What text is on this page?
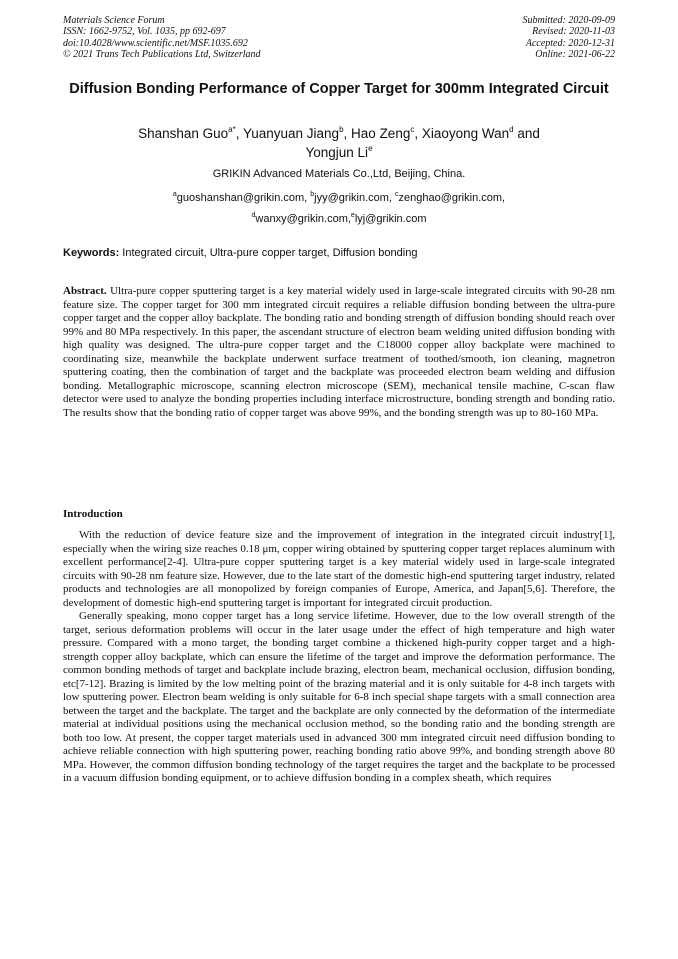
Materials Science Forum
ISSN: 1662-9752, Vol. 1035, pp 692-697
doi:10.4028/www.scientific.net/MSF.1035.692
© 2021 Trans Tech Publications Ltd, Switzerland
Submitted: 2020-09-09
Revised: 2020-11-03
Accepted: 2020-12-31
Online: 2021-06-22
Diffusion Bonding Performance of Copper Target for 300mm Integrated Circuit
Shanshan Guo$^{a*}$, Yuanyuan Jiang$^b$, Hao Zeng$^c$, Xiaoyong Wan$^d$ and
Yongjun Li$^e$
GRIKIN Advanced Materials Co.,Ltd, Beijing, China.
$^a$guoshanshan@grikin.com, $^b$jyy@grikin.com, $^c$zenghao@grikin.com,
$^d$wanxy@grikin.com,$^e$lyj@grikin.com
Keywords: Integrated circuit, Ultra-pure copper target, Diffusion bonding

Abstract. Ultra-pure copper sputtering target is a key material widely used in large-scale integrated circuits with 90-28 nm feature size. The copper target for 300 mm integrated circuit requires a reliable diffusion bonding between the ultra-pure copper target and the copper alloy backplate. The bonding ratio and bonding strength of diffusion bonding should reach over 99% and 80 MPa respectively. In this paper, the ascendant structure of electron beam welding united diffusion bonding with high quality was designed. The ultra-pure copper target and the C18000 copper alloy backplate were machined to coordinating size, meanwhile the backplate underwent surface treatment of toothed/smooth, ion cleaning, magnetron sputtering coating, then the combination of target and the backplate was proceeded electron beam welding and diffusion bonding. Metallographic microscope, scanning electron microscope (SEM), mechanical tensile machine, C-scan flaw detector were used to analyze the bonding properties including interface microstructure, bonding strength and bonding ratio. The results show that the bonding ratio of copper target was above 99%, and the bonding strength was up to 80-160 MPa.

Introduction

With the reduction of device feature size and the improvement of integration in the integrated circuit industry[1], especially when the wiring size reaches 0.18 μm, copper wiring obtained by sputtering copper target replaces aluminum with excellent performance[2-4]. Ultra-pure copper sputtering target is a key material widely used in large-scale integrated circuits with 90-28 nm feature size. However, due to the late start of the domestic high-end sputtering target industry, related products and technologies are all monopolized by foreign companies of Europe, America, and Japan[5,6]. Therefore, the development of domestic high-end sputtering target is important for integrated circuit production.

Generally speaking, mono copper target has a long service lifetime. However, due to the low overall strength of the target, serious deformation problems will occur in the later usage under the effect of high temperature and high water pressure. Compared with a mono target, the bonding target combine a thickened high-purity copper target and a high-strength copper alloy backplate, which can ensure the lifetime of the target and improve the deformation performance. The common bonding methods of target and backplate include brazing, electron beam, mechanical occlusion, diffusion bonding, etc[7-12]. Brazing is limited by the low melting point of the brazing material and it is only suitable for 4-8 inch targets with low sputtering power. Electron beam welding is only suitable for 6-8 inch special shape targets with a small connection area between the target and the backplate. The target and the backplate are only connected by the deformation of the intermediate material at individual positions using the mechanical occlusion method, so the bonding ratio and the bonding strength are both too low. At present, the copper target materials used in advanced 300 mm integrated circuit need diffusion bonding to achieve reliable connection with high sputtering power, reaching bonding ratio above 99%, and bonding strength above 80 MPa. However, the common diffusion bonding technology of the target requires the target and the backplate to be processed in a vacuum diffusion bonding equipment, or to achieve diffusion bonding in a complex sheath, which requires
